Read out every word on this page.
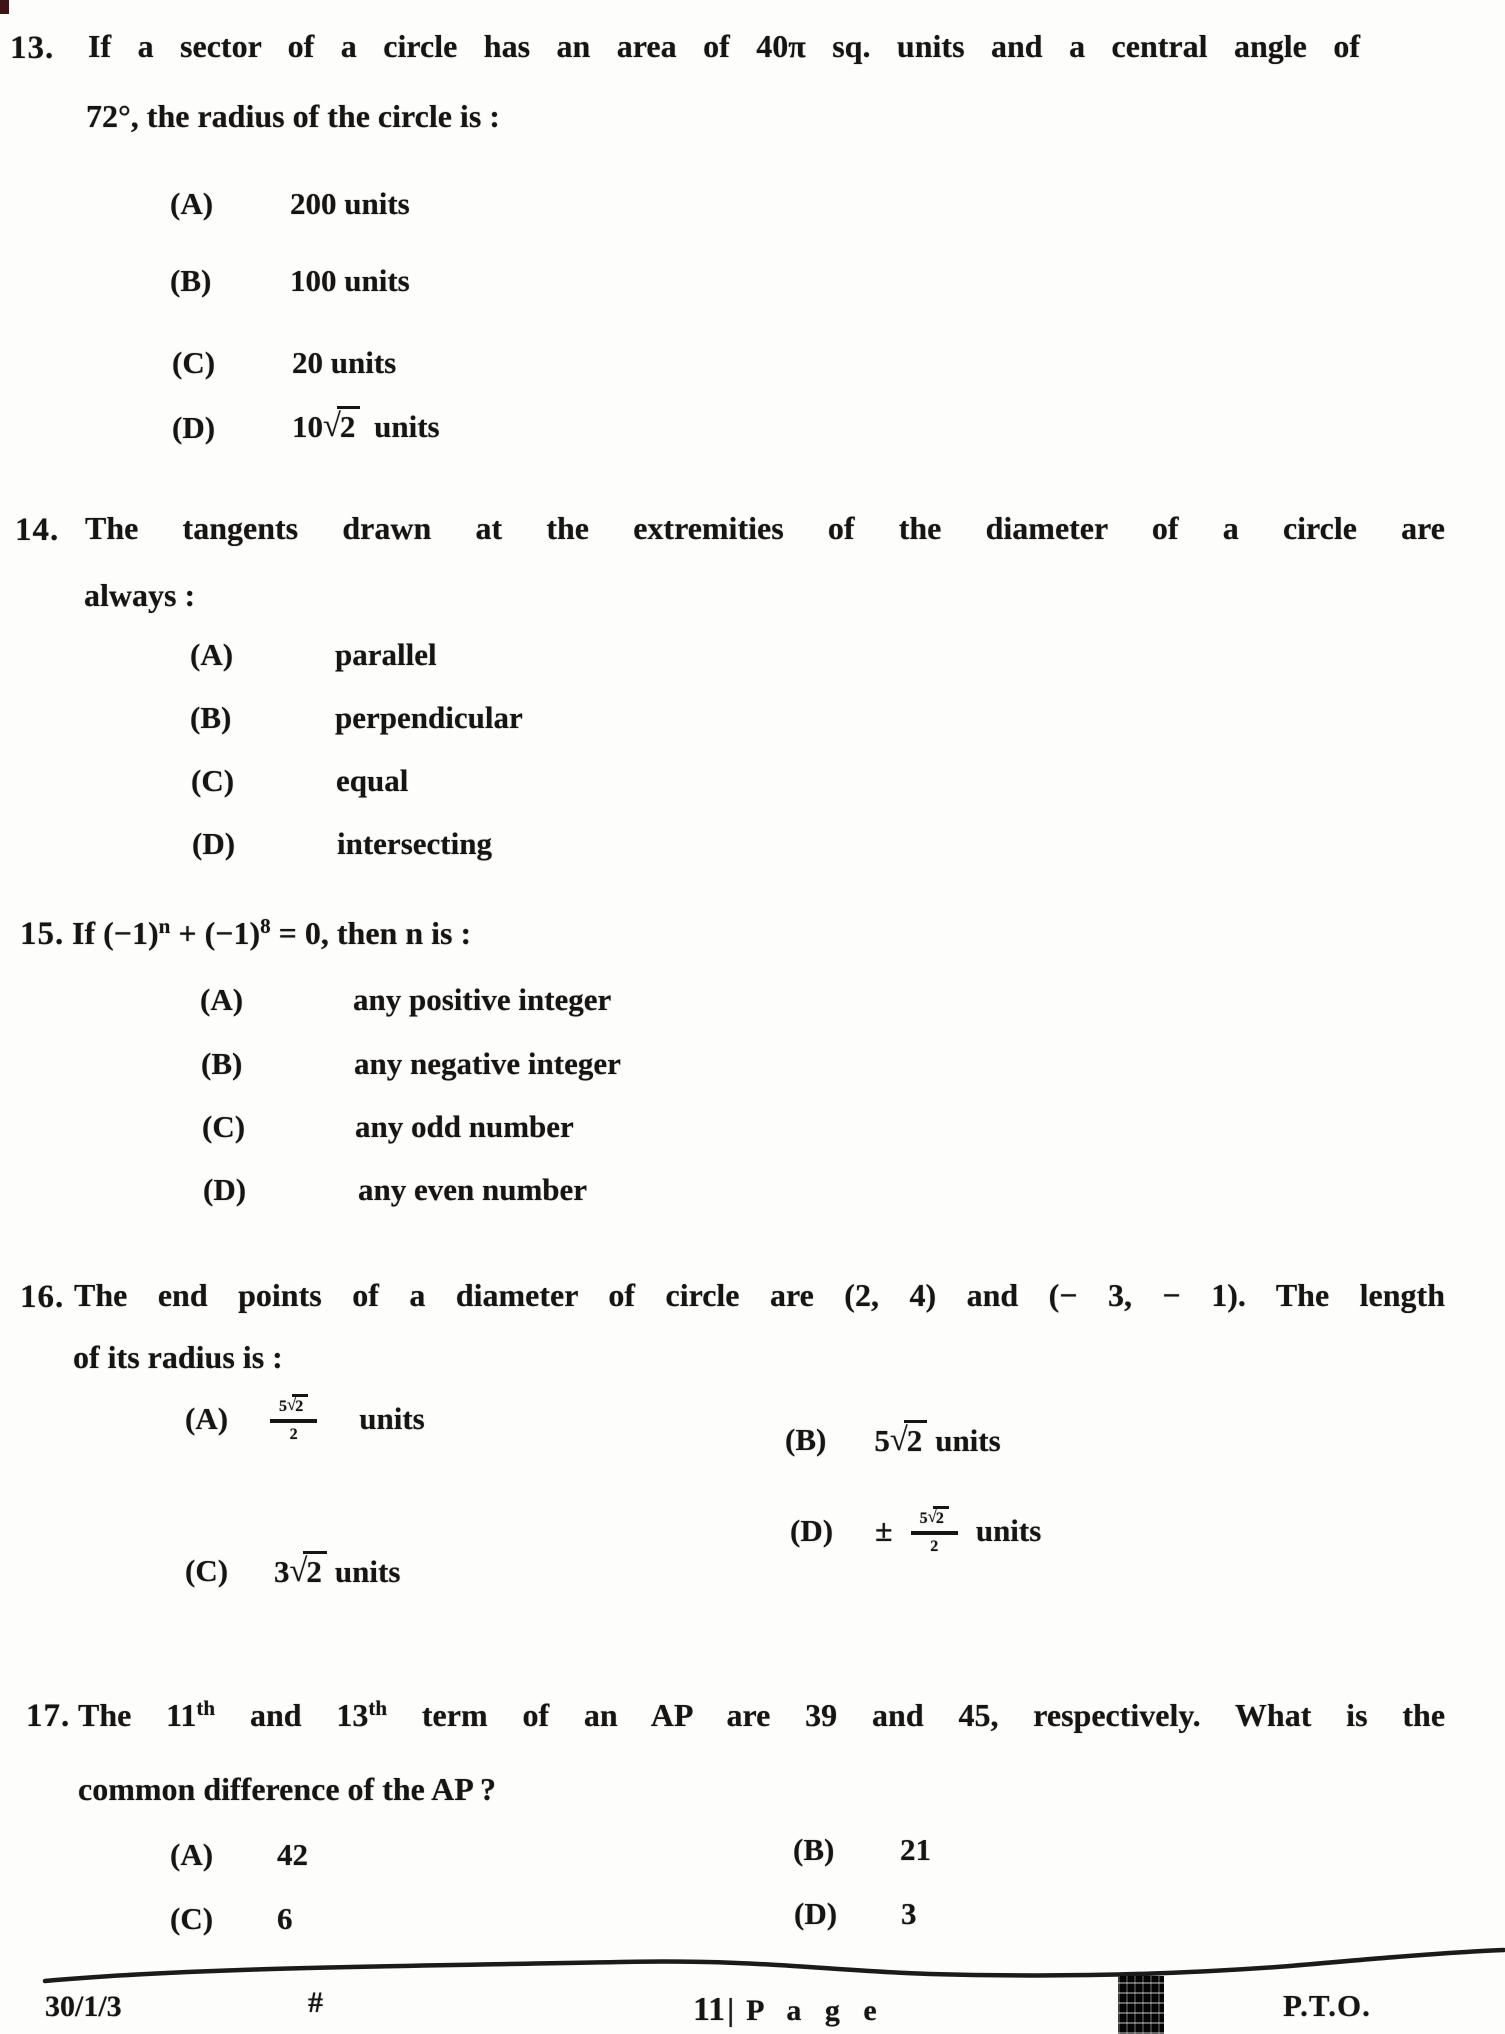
13. If a sector of a circle has an area of 40π sq. units and a central angle of
72°, the radius of the circle is :
(A) 200 units
(B)	100 units
(C) 20 units
(D) 10√2 units
14. The tangents drawn at the extremities of the diameter of a circle are
always :
(A)	parallel
(B)	perpendicular
(C)	equal
(D)	intersecting
15. If $(-1)^n + (-1)^8 = 0$, then n is :
(A)	any positive integer
(B)	any negative integer
(C)	any odd number
(D)	any even number
16. The end points of a diameter of circle are (2, 4) and (− 3, − 1). The length
of its radius is :
(A)	$\frac{5√2}{2}$ units
(B) 5√2 units
(C) 3√2 units
$(D) \pm \frac{5√2}{2}$ units
17. The 11th and 13th term of an AP are 39 and 45, respectively. What is the
common difference of the AP ?
(A) 42	(B) 21
(C) 6	(D) 3
30/1/3	#	11| P a g e	P.T.O.
